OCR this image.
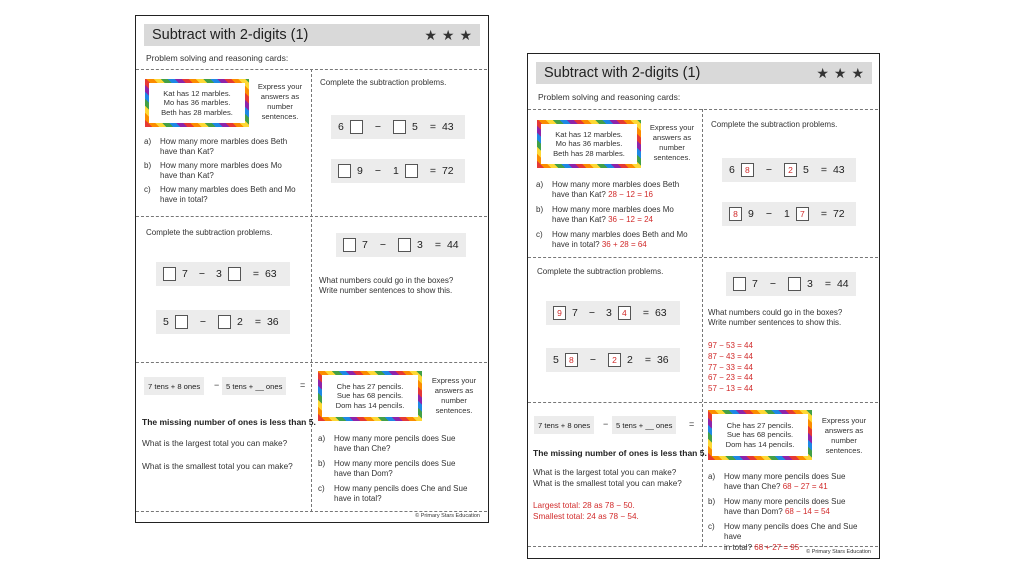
Subtract with 2-digits (1)	★ ★ ★
Problem solving and reasoning cards:
Kat has 12 marbles.
Mo has 36 marbles.
Beth has 28 marbles.
Express your
answers as
number
sentences.
a) How many more marbles does Beth
have than Kat?
b) How many more marbles does Mo
have than Kat?
c) How many marbles does Beth and Mo
have in total?
Complete the subtraction problems.
6	−	5 = 43
9 − 1	= 72
Complete the subtraction problems.
7 − 3	= 63
5	−	2 = 36
7 −	3 = 44
What numbers could go in the boxes?
Write number sentences to show this.
7 tens + 8 ones	− 5 tens + __ ones	=
The missing number of ones is less than 5.
What is the largest total you can make?
What is the smallest total you can make?
Che has 27 pencils.
Sue has 68 pencils.
Dom has 14 pencils.
Express your
answers as
number
sentences.
a) How many more pencils does Sue
have than Che?
b) How many more pencils does Sue
have than Dom?
c) How many pencils does Che and Sue
have in total?
© Primary Stars Education
Subtract with 2-digits (1)	★ ★ ★
Problem solving and reasoning cards:
Kat has 12 marbles.
Mo has 36 marbles.
Beth has 28 marbles.
Express your
answers as
number
sentences.
a) How many more marbles does Beth
have than Kat? 28 − 12 = 16
b) How many more marbles does Mo
have than Kat? 36 − 12 = 24
c) How many marbles does Beth and Mo
have in total? 36 + 28 = 64
Complete the subtraction problems.
6	8	−	2 5 = 43
8 9 − 1	7	= 72
Complete the subtraction problems.
9 7 − 3	4	= 63
5	8	−	2 2 = 36
7 −	3 = 44
What numbers could go in the boxes?
Write number sentences to show this.
97 − 53 = 44
87 − 43 = 44
77 − 33 = 44
67 − 23 = 44
57 − 13 = 44
7 tens + 8 ones	−	5 tens + __ ones	=
The missing number of ones is less than 5.
What is the largest total you can make?
What is the smallest total you can make?
Largest total: 28 as 78 − 50.
Smallest total: 24 as 78 − 54.
Che has 27 pencils.
Sue has 68 pencils.
Dom has 14 pencils.
Express your
answers as
number
sentences.
a) How many more pencils does Sue
have than Che? 68 − 27 = 41
b) How many more pencils does Sue
have than Dom? 68 − 14 = 54
c) How many pencils does Che and Sue have
in total? 68 + 27 = 95
© Primary Stars Education
